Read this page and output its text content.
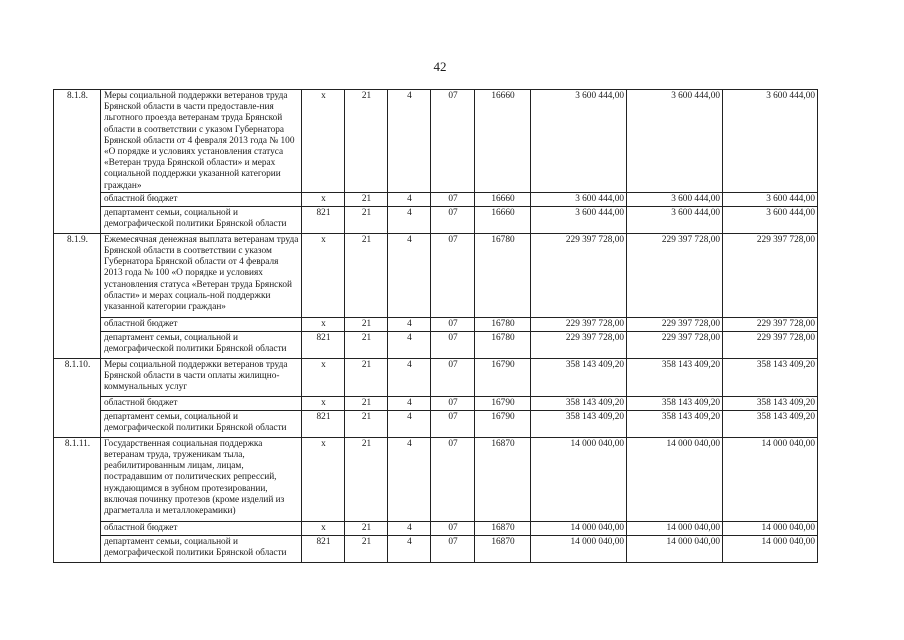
42
8.1.8.	Меры социальной поддержки ветеранов труда Брянской области в части предоставле-ния льготного проезда ветеранам труда Брянской области в соответствии с указом Губернатора Брянской области от 4 февраля 2013 года № 100 «О порядке и условиях установления статуса «Ветеран труда Брянской области» и мерах социальной поддержки указанной категории граждан»	x	21	4	07	16660	3 600 444,00	3 600 444,00	3 600 444,00
	областной бюджет	x	21	4	07	16660	3 600 444,00	3 600 444,00	3 600 444,00
	департамент семьи, социальной и демографической политики Брянской области	821	21	4	07	16660	3 600 444,00	3 600 444,00	3 600 444,00
8.1.9.	Ежемесячная денежная выплата ветеранам труда Брянской области в соответствии с указом Губернатора Брянской области от 4 февраля 2013 года № 100 «О порядке и условиях установления статуса «Ветеран труда Брянской области» и мерах социаль-ной поддержки указанной категории граждан»	x	21	4	07	16780	229 397 728,00	229 397 728,00	229 397 728,00
	областной бюджет	x	21	4	07	16780	229 397 728,00	229 397 728,00	229 397 728,00
	департамент семьи, социальной и демографической политики Брянской области	821	21	4	07	16780	229 397 728,00	229 397 728,00	229 397 728,00
8.1.10.	Меры социальной поддержки ветеранов труда Брянской области в части оплаты жилищно-коммунальных услуг	x	21	4	07	16790	358 143 409,20	358 143 409,20	358 143 409,20
	областной бюджет	x	21	4	07	16790	358 143 409,20	358 143 409,20	358 143 409,20
	департамент семьи, социальной и демографической политики Брянской области	821	21	4	07	16790	358 143 409,20	358 143 409,20	358 143 409,20
8.1.11.	Государственная социальная поддержка ветеранам труда, труженикам тыла, реабилитированным лицам, лицам, пострадавшим от политических репрессий, нуждающимся в зубном протезировании, включая починку протезов (кроме изделий из драгметалла и металлокерамики)	x	21	4	07	16870	14 000 040,00	14 000 040,00	14 000 040,00
	областной бюджет	x	21	4	07	16870	14 000 040,00	14 000 040,00	14 000 040,00
	департамент семьи, социальной и демографической политики Брянской области	821	21	4	07	16870	14 000 040,00	14 000 040,00	14 000 040,00
